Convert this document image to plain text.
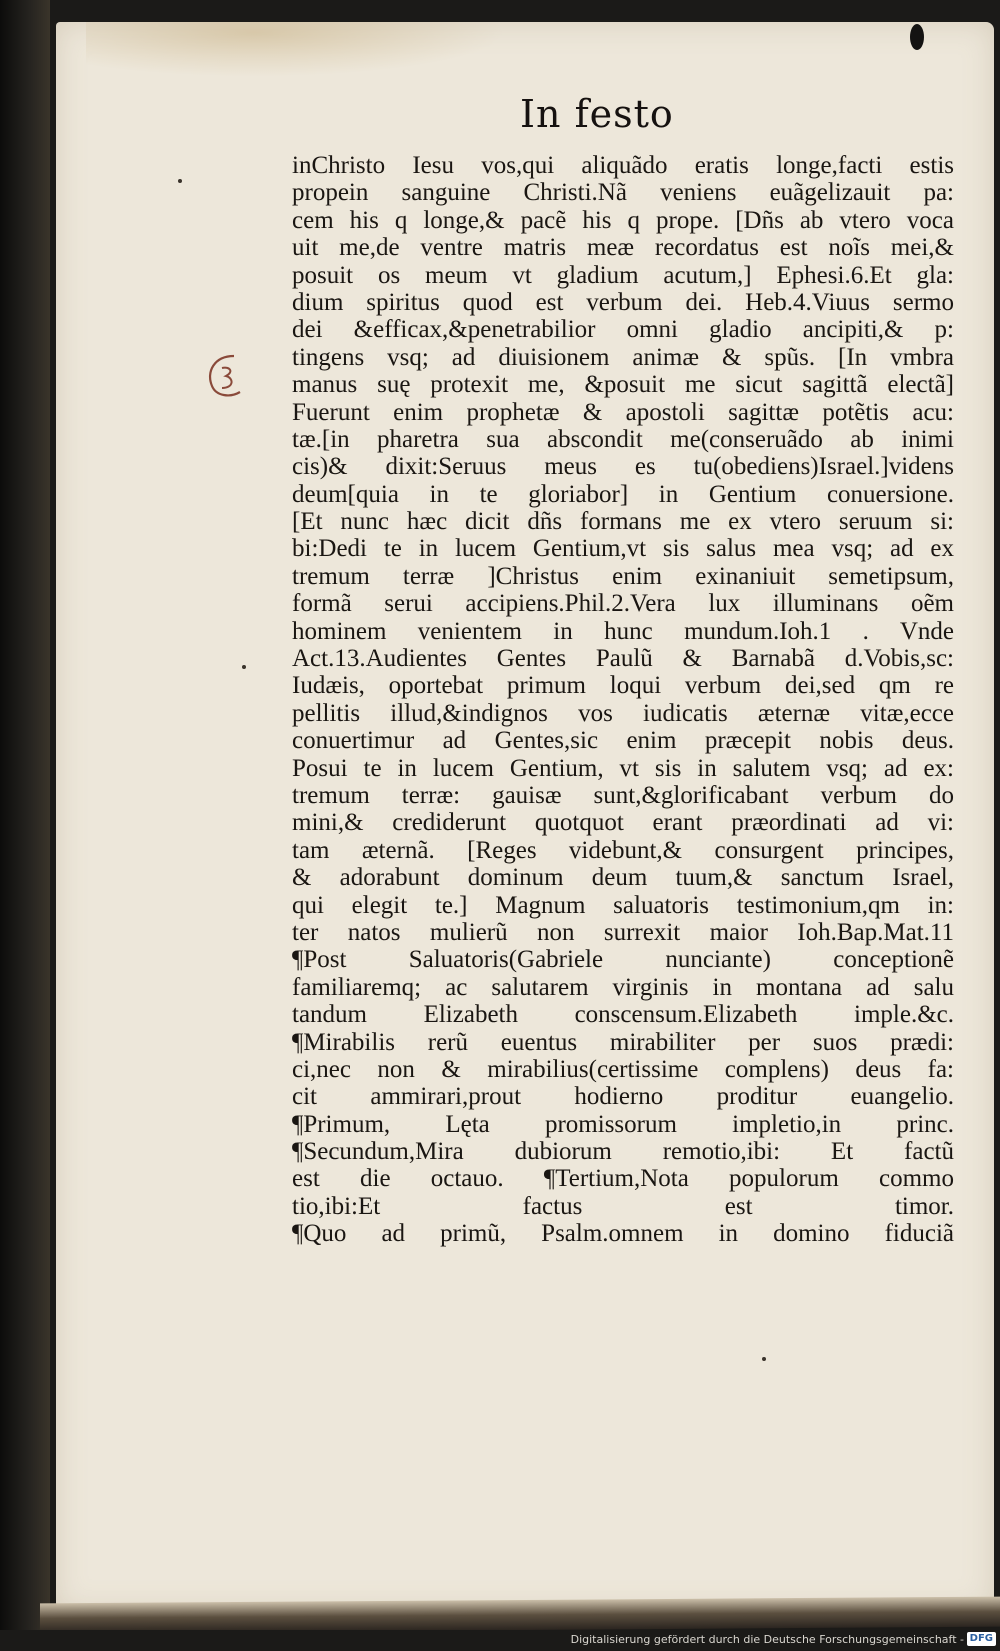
In festo
inChristo Iesu vos,qui aliquãdo eratis longe,facti estis
propein sanguine Christi.Nã veniens euãgelizauit pa:
cem his q longe,& pacẽ his q prope. [Dñs ab vtero voca
uit me,de ventre matris meæ recordatus est noĩs mei,&
posuit os meum vt gladium acutum,] Ephesi.6.Et gla:
dium spiritus quod est verbum dei. Heb.4.Viuus sermo
dei &efficax,&penetrabilior omni gladio ancipiti,& p:
tingens vsq; ad diuisionem animæ & spũs. [In vmbra
manus suę protexit me, &posuit me sicut sagittã electã]
Fuerunt enim prophetæ & apostoli sagittæ potẽtis acu:
tæ.[in pharetra sua abscondit me(conseruãdo ab inimi
cis)& dixit:Seruus meus es tu(obediens)Israel.]videns
deum[quia in te gloriabor] in Gentium conuersione.
[Et nunc hæc dicit dñs formans me ex vtero seruum si:
bi:Dedi te in lucem Gentium,vt sis salus mea vsq; ad ex
tremum terræ ]Christus enim exinaniuit semetipsum,
formã serui accipiens.Phil.2.Vera lux illuminans oẽm
hominem venientem in hunc mundum.Ioh.1 . Vnde
Act.13.Audientes Gentes Paulũ & Barnabã d.Vobis,sc:
Iudæis, oportebat primum loqui verbum dei,sed qm re
pellitis illud,&indignos vos iudicatis æternæ vitæ,ecce
conuertimur ad Gentes,sic enim præcepit nobis deus.
Posui te in lucem Gentium, vt sis in salutem vsq; ad ex:
tremum terræ: gauisæ sunt,&glorificabant verbum do
mini,& crediderunt quotquot erant præordinati ad vi:
tam æternã. [Reges videbunt,& consurgent principes,
& adorabunt dominum deum tuum,& sanctum Israel,
qui elegit te.] Magnum saluatoris testimonium,qm in:
ter natos mulierũ non surrexit maior Ioh.Bap.Mat.11
¶Post Saluatoris(Gabriele nunciante) conceptionẽ
familiaremq; ac salutarem virginis in montana ad salu
tandum Elizabeth conscensum.Elizabeth imple.&c.
¶Mirabilis rerũ euentus mirabiliter per suos prædi:
ci,nec non & mirabilius(certissime complens) deus fa:
cit ammirari,prout hodierno proditur euangelio.
¶Primum, Lęta promissorum impletio,in princ.
¶Secundum,Mira dubiorum remotio,ibi: Et factũ
est die octauo. ¶Tertium,Nota populorum commo
tio,ibi:Et factus est timor.
¶Quo ad primũ, Psalm.omnem in domino fiduciã
Digitalisierung gefördert durch die Deutsche Forschungsgemeinschaft - DFG
